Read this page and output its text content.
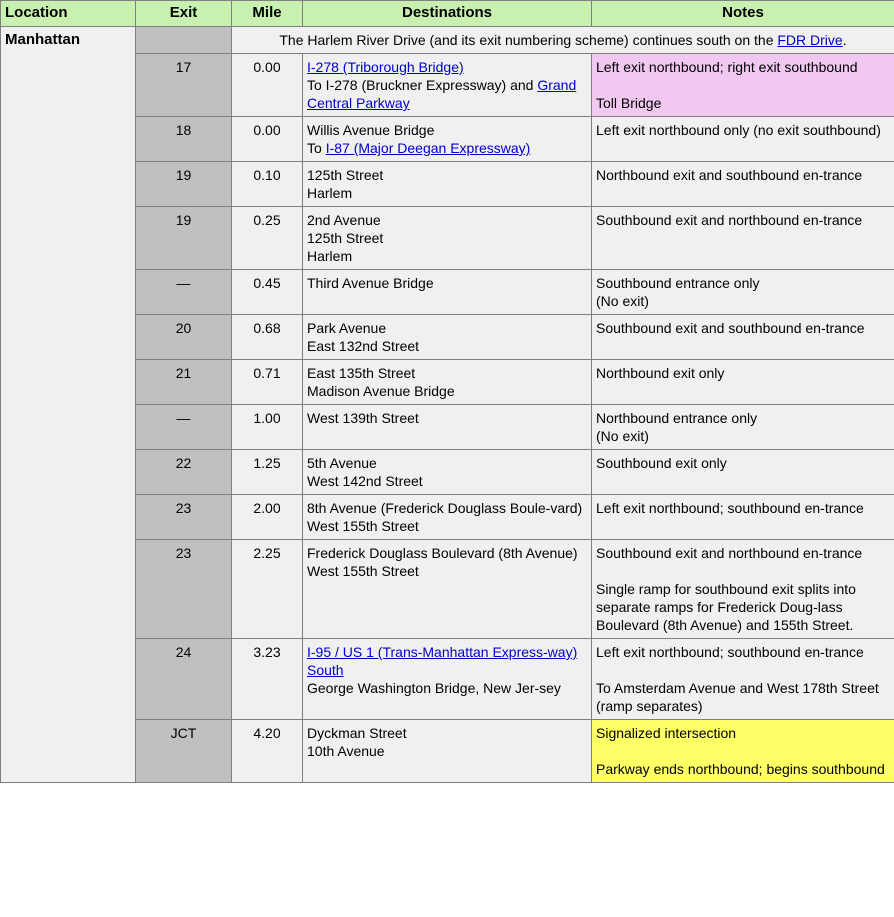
Location	Exit	Mile	Destinations	Notes
Manhattan		The Harlem River Drive (and its exit numbering scheme) continues south on the FDR Drive.		
	17	0.00	I-278 (Triborough Bridge)
To I-278 (Bruckner Expressway) and Grand Central Parkway	Left exit northbound; right exit southbound
Toll Bridge

	18	0.00	Willis Avenue Bridge
To I-87 (Major Deegan Expressway)	Left exit northbound only (no exit southbound)

	19	0.10	125th Street
Harlem	Northbound exit and southbound en-trance

	19	0.25	2nd Avenue
125th Street
Harlem	Southbound exit and northbound en-trance

	—	0.45	Third Avenue Bridge	Southbound entrance only
(No exit)

	20	0.68	Park Avenue
East 132nd Street	Southbound exit and southbound en-trance

	21	0.71	East 135th Street
Madison Avenue Bridge	Northbound exit only

	—	1.00	West 139th Street	Northbound entrance only
(No exit)

	22	1.25	5th Avenue
West 142nd Street	Southbound exit only

	23	2.00	8th Avenue (Frederick Douglass Boule-vard)
West 155th Street	Left exit northbound; southbound en-trance

	23	2.25	Frederick Douglass Boulevard (8th Avenue)
West 155th Street	Southbound exit and northbound en-trance
Single ramp for southbound exit splits into separate ramps for Frederick Doug-lass Boulevard (8th Avenue) and 155th Street.

	24	3.23	I-95 / US 1 (Trans-Manhattan Express-way) South
George Washington Bridge, New Jer-sey	Left exit northbound; southbound en-trance
To Amsterdam Avenue and West 178th Street (ramp separates)

	JCT	4.20	Dyckman Street
10th Avenue	Signalized intersection
Parkway ends northbound; begins southbound
